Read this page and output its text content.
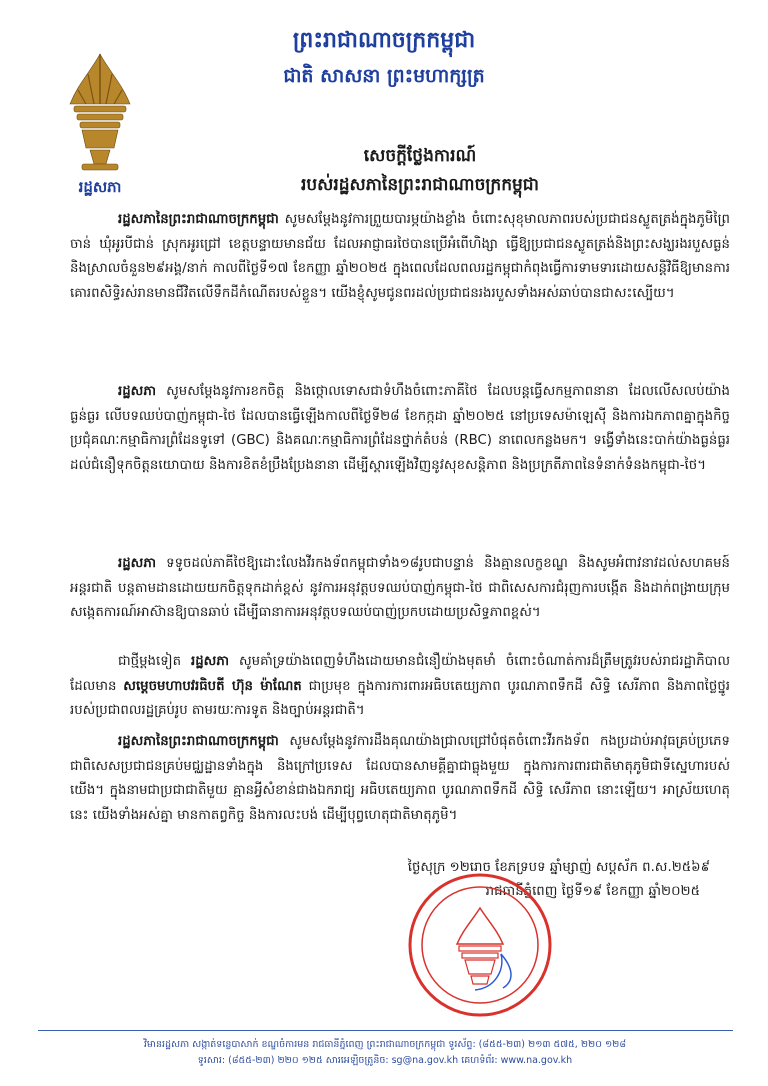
ព្រះរាជាណាចក្រកម្ពុជា
ជាតិ សាសនា ព្រះមហាក្សត្រ
រដ្ឋសភា
សេចក្តីថ្លែងការណ៍
របស់រដ្ឋសភានៃព្រះរាជាណាចក្រកម្ពុជា

រដ្ឋសភានៃព្រះរាជាណាចក្រកម្ពុជា សូមសម្តែងនូវការព្រួយបារម្ភយ៉ាងខ្លាំង ចំពោះសុខុមាលភាពរបស់ប្រជាជនស្លូតត្រង់ក្នុងភូមិព្រៃចាន់ ឃុំអូរបីជាន់ ស្រុកអូរជ្រៅ ខេត្តបន្ទាយមានជ័យ ដែលអាជ្ញាធរថៃបានប្រើអំពើហិង្សា ធ្វើឱ្យប្រជាជនស្លូតត្រង់និងព្រះសង្ឃរងរបួសធ្ងន់ និងស្រាលចំនួន២៩អង្គ/នាក់ កាលពីថ្ងៃទី១៧ ខែកញ្ញា ឆ្នាំ២០២៥ ក្នុងពេលដែលពលរដ្ឋកម្ពុជាកំពុងធ្វើការទាមទារដោយសន្តិវិធីឱ្យមានការគោរពសិទ្ធិរស់រានមានជីវិតលើទឹកដីកំណើតរបស់ខ្លួន។ យើងខ្ញុំសូមជូនពរដល់ប្រជាជនរងរបួសទាំងអស់ឆាប់បានជាសះស្បើយ។

រដ្ឋសភា សូមសម្តែងនូវការខកចិត្ត និងថ្កោលទោសជាទំហឹងចំពោះភាគីថៃ ដែលបន្តធ្វើសកម្មភាពនានា ដែលលើសលប់យ៉ាងធ្ងន់ធ្ងរ លើបទឈប់បាញ់កម្ពុជា-ថៃ ដែលបានធ្វើឡើងកាលពីថ្ងៃទី២៨ ខែកក្កដា ឆ្នាំ២០២៥ នៅប្រទេសម៉ាឡេស៊ី និងការឯកភាពគ្នាក្នុងកិច្ចប្រជុំគណៈកម្មាធិការព្រំដែនទូទៅ (GBC) និងគណៈកម្មាធិការព្រំដែនថ្នាក់តំបន់ (RBC) នាពេលកន្លងមក។ ទង្វើទាំងនេះបាក់យ៉ាងធ្ងន់ធ្ងរដល់ជំនឿទុកចិត្តនយោបាយ និងការខិតខំប្រឹងប្រែងនានា ដើម្បីស្តារឡើងវិញនូវសុខសន្តិភាព និងប្រក្រតីភាពនៃទំនាក់ទំនងកម្ពុជា-ថៃ។

រដ្ឋសភា ទទូចដល់ភាគីថៃឱ្យដោះលែងវីរកងទ័ពកម្ពុជាទាំង១៨រូបជាបន្ទាន់ និងគ្មានលក្ខខណ្ឌ និងសូមអំពាវនាវដល់សហគមន៍អន្តរជាតិ បន្តតាមដានដោយយកចិត្តទុកដាក់ខ្ពស់ នូវការអនុវត្តបទឈប់បាញ់កម្ពុជា-ថៃ ជាពិសេសការជំរុញការបង្កើត និងដាក់ពង្រាយក្រុមសង្កេតការណ៍អាស៊ានឱ្យបានឆាប់ ដើម្បីធានាការអនុវត្តបទឈប់បាញ់ប្រកបដោយប្រសិទ្ធភាពខ្ពស់។

ជាថ្មីម្តងទៀត រដ្ឋសភា សូមគាំទ្រយ៉ាងពេញទំហឹងដោយមានជំនឿយ៉ាងមុតមាំ ចំពោះចំណាត់ការដ៏ត្រឹមត្រូវរបស់រាជរដ្ឋាភិបាល ដែលមាន សម្តេចមហាបវរធិបតី ហ៊ុន ម៉ាណែត ជាប្រមុខ ក្នុងការការពារអធិបតេយ្យភាព បូរណភាពទឹកដី សិទ្ធិ សេរីភាព និងភាពថ្លៃថ្នូររបស់ប្រជាពលរដ្ឋគ្រប់រូប តាមរយៈការទូត និងច្បាប់អន្តរជាតិ។

រដ្ឋសភានៃព្រះរាជាណាចក្រកម្ពុជា សូមសម្តែងនូវការដឹងគុណយ៉ាងជ្រាលជ្រៅបំផុតចំពោះវីរកងទ័ព កងប្រដាប់អាវុធគ្រប់ប្រភេទ ជាពិសេសប្រជាជនគ្រប់មជ្ឈដ្ឋានទាំងក្នុង និងក្រៅប្រទេស ដែលបានសាមគ្គីគ្នាជាធ្លុងមួយ ក្នុងការការពារជាតិមាតុភូមិជាទីស្នេហារបស់យើង។ ក្នុងនាមជាប្រជាជាតិមួយ គ្មានអ្វីសំខាន់ជាងឯករាជ្យ អធិបតេយ្យភាព បូរណភាពទឹកដី សិទ្ធិ សេរីភាព នោះឡើយ។ អាស្រ័យហេតុនេះ យើងទាំងអស់គ្នា មានកាតព្វកិច្ច និងការលះបង់ ដើម្បីបុព្វហេតុជាតិមាតុភូមិ។

ថ្ងៃសុក្រ ១២រោច ខែភទ្របទ ឆ្នាំម្សាញ់ សប្តស័ក ព.ស.២៥៦៩
រាជធានីភ្នំពេញ ថ្ងៃទី១៩ ខែកញ្ញា ឆ្នាំ២០២៥
វិមានរដ្ឋសភា សង្កាត់ទន្លេបាសាក់ ខណ្ឌចំការមន រាជធានីភ្នំពេញ ព្រះរាជាណាចក្រកម្ពុជា ទូរស័ព្ទ: (៨៥៥-២៣) ២១៣ ៥៧៥, ២២០ ១២៨
ទូរសារ: (៨៥៥-២៣) ២២០ ១២៥ សារអេឡិចត្រូនិច: sg@na.gov.kh គេហទំព័រ: www.na.gov.kh
